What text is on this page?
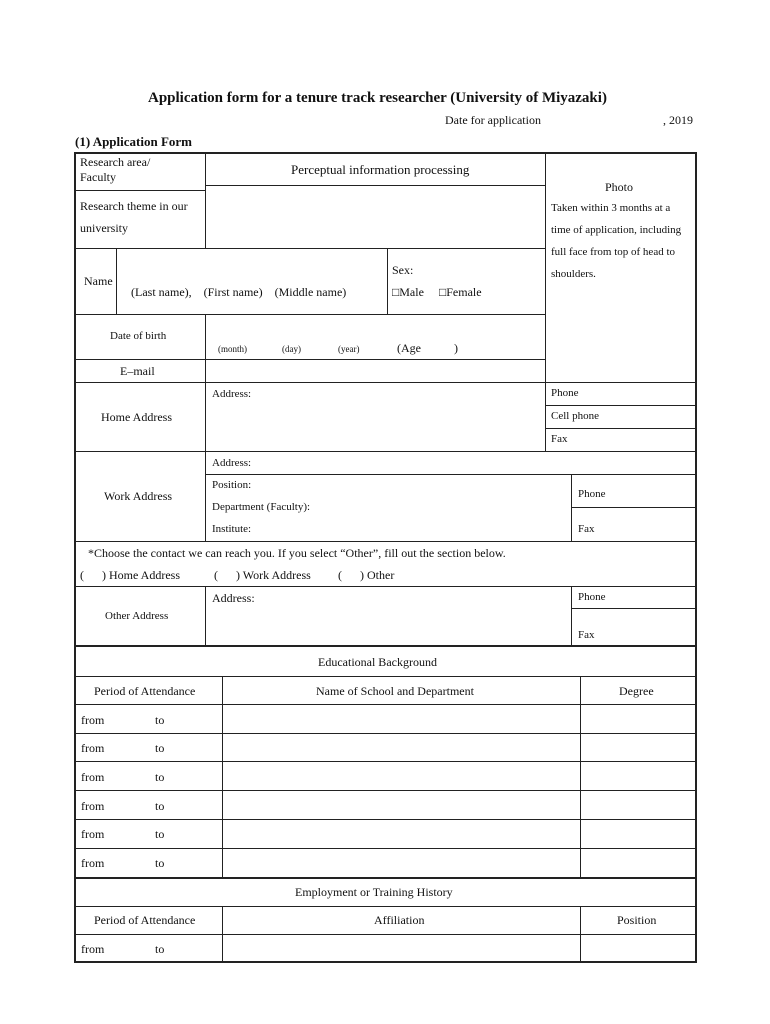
Application form for a tenure track researcher (University of Miyazaki)
Date for application	, 2019
(1) Application Form
Research area/
Faculty	Perceptual information processing
Research theme in our
university
Name
(Last name),    (First name)    (Middle name)
Sex:
□Male □Female
Date of birth
(month)	(day)	(year)	(Age           )
E–mail
Photo
Taken within 3 months at a
time of application, including
full face from top of head to
shoulders.
Home Address
Address:	Phone
Cell phone
Fax
Work Address
Address:
Position:
Department (Faculty):
Institute:
Phone
Fax
*Choose the contact we can reach you. If you select “Other”, fill out the section below.
(      ) Home Address	(      ) Work Address (      ) Other
Other Address
Address:	Phone
Fax
Educational Background
Period of Attendance	Name of School and Department	Degree
from	to
from	to
from	to
from	to
from	to
from	to
Employment or Training History
Period of Attendance	Affiliation	Position
from	to
